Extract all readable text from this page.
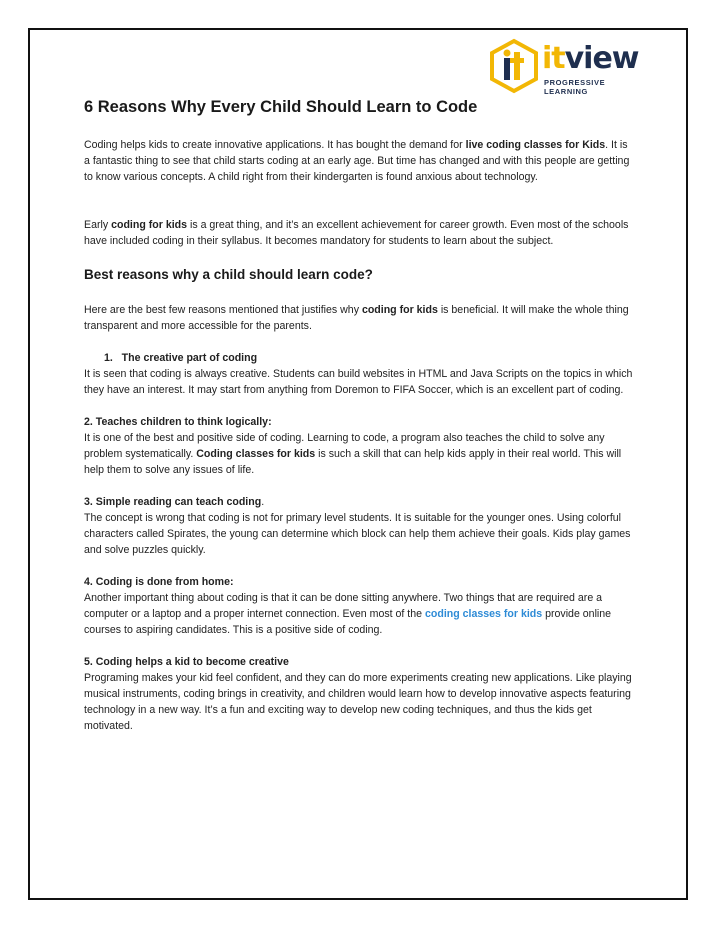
itview
PROGRESSIVE LEARNING
6 Reasons Why Every Child Should Learn to Code

Coding helps kids to create innovative applications. It has bought the demand for live coding classes for Kids. It is a fantastic thing to see that child starts coding at an early age. But time has changed and with this people are getting to know various concepts. A child right from their kindergarten is found anxious about technology.

Early coding for kids is a great thing, and it’s an excellent achievement for career growth. Even most of the schools have included coding in their syllabus. It becomes mandatory for students to learn about the subject.

Best reasons why a child should learn code?

Here are the best few reasons mentioned that justifies why coding for kids is beneficial. It will make the whole thing transparent and more accessible for the parents.

1.   The creative part of coding

It is seen that coding is always creative. Students can build websites in HTML and Java Scripts on the topics in which they have an interest. It may start from anything from Doremon to FIFA Soccer, which is an excellent part of coding.

2. Teaches children to think logically:

It is one of the best and positive side of coding. Learning to code, a program also teaches the child to solve any problem systematically. Coding classes for kids is such a skill that can help kids apply in their real world. This will help them to solve any issues of life.

3. Simple reading can teach coding.

The concept is wrong that coding is not for primary level students. It is suitable for the younger ones. Using colorful characters called Spirates, the young can determine which block can help them achieve their goals. Kids play games and solve puzzles quickly.

4. Coding is done from home:

Another important thing about coding is that it can be done sitting anywhere. Two things that are required are a computer or a laptop and a proper internet connection. Even most of the coding classes for kids provide online courses to aspiring candidates. This is a positive side of coding.

5. Coding helps a kid to become creative

Programing makes your kid feel confident, and they can do more experiments creating new applications. Like playing musical instruments, coding brings in creativity, and children would learn how to develop innovative aspects featuring technology in a new way. It’s a fun and exciting way to develop new coding techniques, and thus the kids get motivated.
